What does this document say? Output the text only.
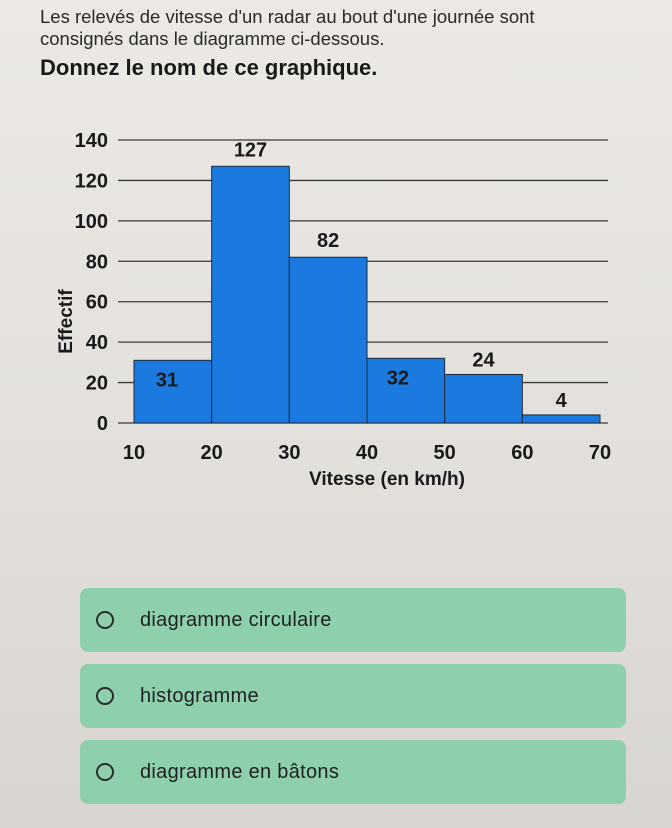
Les relevés de vitesse d'un radar au bout d'une journée sont

consignés dans le diagramme ci-dessous.

Donnez le nom de ce graphique.

31
127
82
32
24
4
0
20
40
60
80
100
120
140
10	20	30	40	50	60	70
Vitesse (en km/h)
Effectif
diagramme circulaire
histogramme
diagramme en bâtons
